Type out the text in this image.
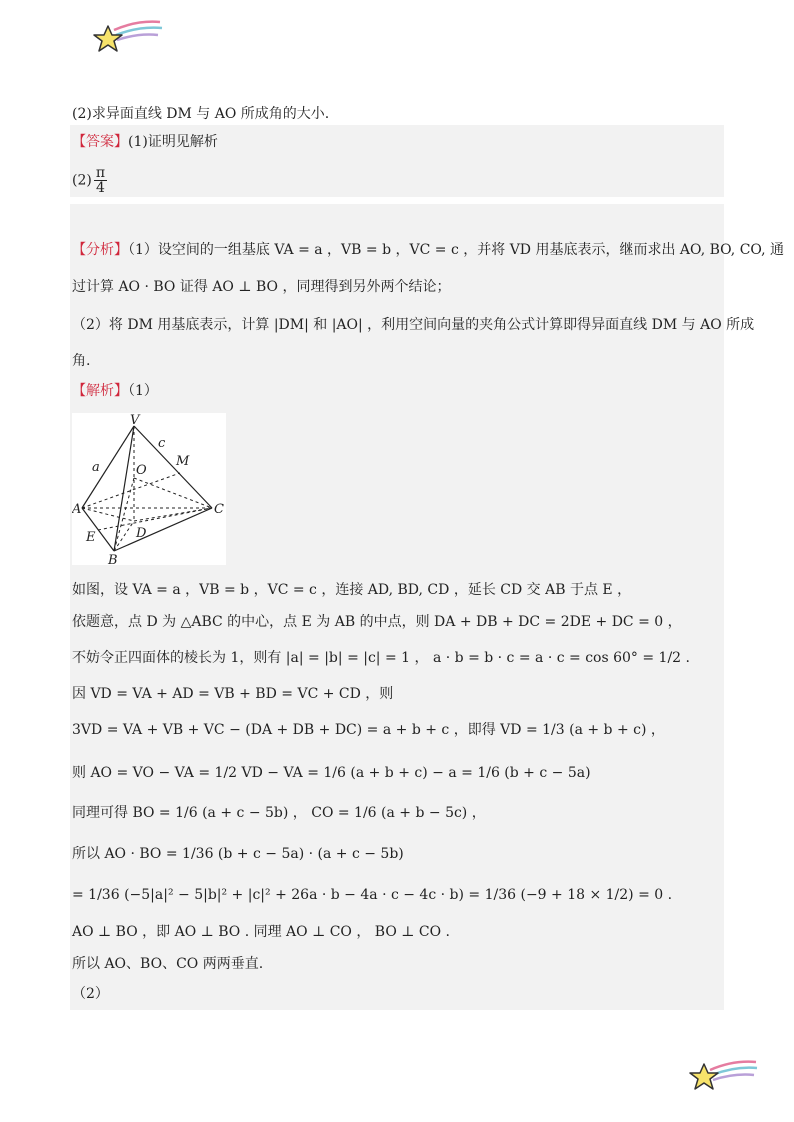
(2)求异面直线 DM 与 AO 所成角的大小.
【答案】(1)证明见解析
$(2) \frac{\pi}{4}$
【分析】（1）设空间的一组基底 VA = a ，VB = b ，VC = c ，并将 VD 用基底表示，继而求出 AO, BO, CO, 通
过计算 AO · BO 证得 AO ⊥ BO ，同理得到另外两个结论；
（2）将 DM 用基底表示，计算 |DM| 和 |AO| ，利用空间向量的夹角公式计算即得异面直线 DM 与 AO 所成
角.
【解析】（1）
V
c
a	O
M
A	C
D
E
B
如图，设 VA = a ，VB = b ，VC = c ，连接 AD, BD, CD ，延长 CD 交 AB 于点 E ，
依题意，点 D 为 △ABC 的中心，点 E 为 AB 的中点，则 DA + DB + DC = 2DE + DC = 0 ，
不妨令正四面体的棱长为 1，则有 |a| = |b| = |c| = 1 ， a · b = b · c = a · c = cos 60° = 1/2 .
因 VD = VA + AD = VB + BD = VC + CD ，则
3VD = VA + VB + VC − (DA + DB + DC) = a + b + c ，即得 VD = 1/3 (a + b + c) ，
则 AO = VO − VA = 1/2 VD − VA = 1/6 (a + b + c) − a = 1/6 (b + c − 5a)
同理可得 BO = 1/6 (a + c − 5b) ， CO = 1/6 (a + b − 5c) ，
所以 AO · BO = 1/36 (b + c − 5a) · (a + c − 5b)
= 1/36 (−5|a|² − 5|b|² + |c|² + 26a · b − 4a · c − 4c · b) = 1/36 (−9 + 18 × 1/2) = 0 .
AO ⊥ BO ，即 AO ⊥ BO . 同理 AO ⊥ CO ， BO ⊥ CO .
所以 AO、BO、CO 两两垂直.
（2）
